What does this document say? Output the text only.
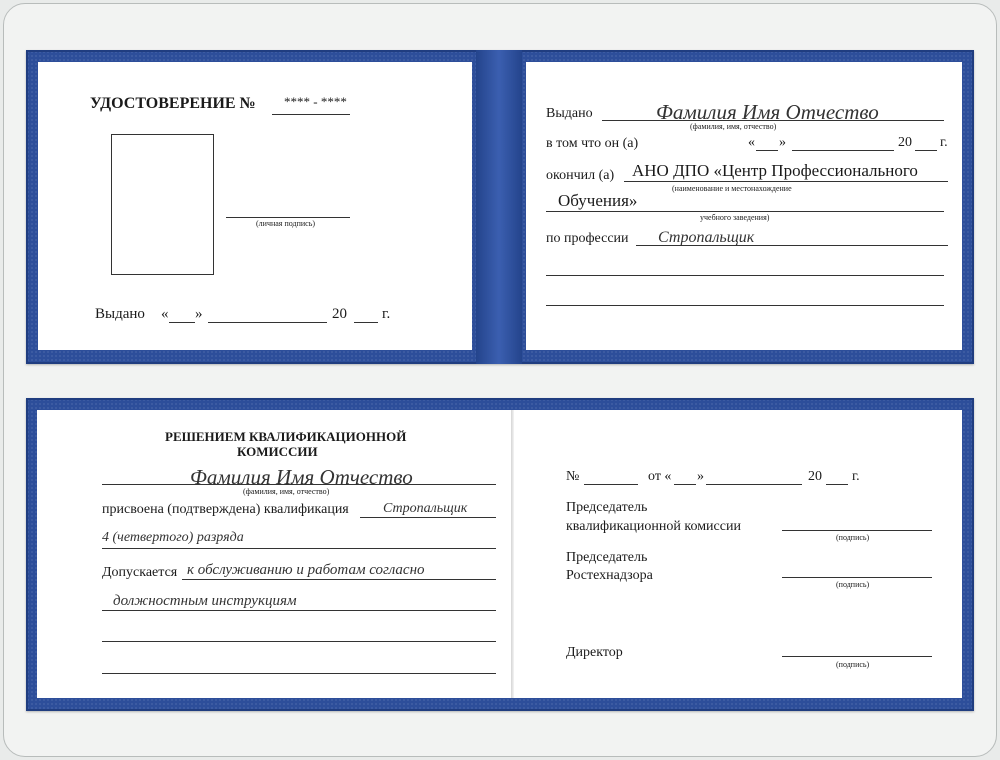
УДОСТОВЕРЕНИЕ № **** - ****
(личная подпись)
Выдано « »	20 г.
Выдано	Фамилия Имя Отчество
(фамилия, имя, отчество)
в том что он (а)	« »	20 г.
окончил (а) АНО ДПО «Центр Профессионального
(наименование и местонахождение
Обучения»
учебного заведения)
по профессии Стропальщик
РЕШЕНИЕМ КВАЛИФИКАЦИОННОЙ
КОМИССИИ
Фамилия Имя Отчество
(фамилия, имя, отчество)
присвоена (подтверждена) квалификация Стропальщик
4 (четвертого) разряда
Допускается к обслуживанию и работам согласно
должностным инструкциям
№	от « »	20 г.
Председатель
квалификационной комиссии
(подпись)
Председатель
Ростехнадзора
(подпись)
Директор
(подпись)
